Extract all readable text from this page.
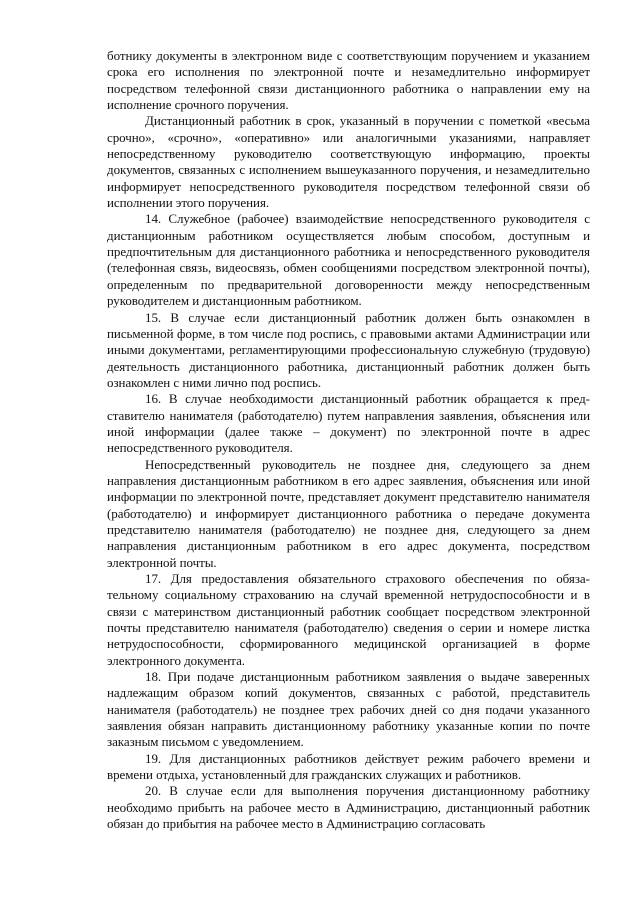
ботнику документы в электронном виде с соответствующим поручением и указанием срока его исполнения по электронной почте и незамедлительно информирует посредством телефонной связи дистанционного работника о направлении ему на исполнение срочного поручения.

Дистанционный работник в срок, указанный в поручении с пометкой «весьма срочно», «срочно», «оперативно» или аналогичными указаниями, направляет непосредственному руководителю соответствующую информацию, проекты документов, связанных с исполнением вышеуказанного поручения, и незамедлительно информирует непосредственного руководителя посредством телефонной связи об исполнении этого поручения.

14. Служебное (рабочее) взаимодействие непосредственного руководителя с дистанционным работником осуществляется любым способом, доступным и предпочтительным для дистанционного работника и непосредственного руководителя (телефонная связь, видеосвязь, обмен сообщениями посредством электронной почты), определенным по предварительной договоренности между непосредственным руководителем и дистанционным работником.

15. В случае если дистанционный работник должен быть ознакомлен в письменной форме, в том числе под роспись, с правовыми актами Администрации или иными документами, регламентирующими профессиональную служебную (трудовую) деятельность дистанционного работника, дистанционный работник должен быть ознакомлен с ними лично под роспись.

16. В случае необходимости дистанционный работник обращается к представителю нанимателя (работодателю) путем направления заявления, объяснения или иной информации (далее также – документ) по электронной почте в адрес непосредственного руководителя.

Непосредственный руководитель не позднее дня, следующего за днем направления дистанционным работником в его адрес заявления, объяснения или иной информации по электронной почте, представляет документ представителю нанимателя (работодателю) и информирует дистанционного работника о передаче документа представителю нанимателя (работодателю) не позднее дня, следующего за днем направления дистанционным работником в его адрес документа, посредством электронной почты.

17. Для предоставления обязательного страхового обеспечения по обязательному социальному страхованию на случай временной нетрудоспособности и в связи с материнством дистанционный работник сообщает посредством электронной почты представителю нанимателя (работодателю) сведения о серии и номере листка нетрудоспособности, сформированного медицинской организацией в форме электронного документа.

18. При подаче дистанционным работником заявления о выдаче заверенных надлежащим образом копий документов, связанных с работой, представитель нанимателя (работодатель) не позднее трех рабочих дней со дня подачи указанного заявления обязан направить дистанционному работнику указанные копии по почте заказным письмом с уведомлением.

19. Для дистанционных работников действует режим рабочего времени и времени отдыха, установленный для гражданских служащих и работников.

20. В случае если для выполнения поручения дистанционному работнику необходимо прибыть на рабочее место в Администрацию, дистанционный работник обязан до прибытия на рабочее место в Администрацию согласовать
